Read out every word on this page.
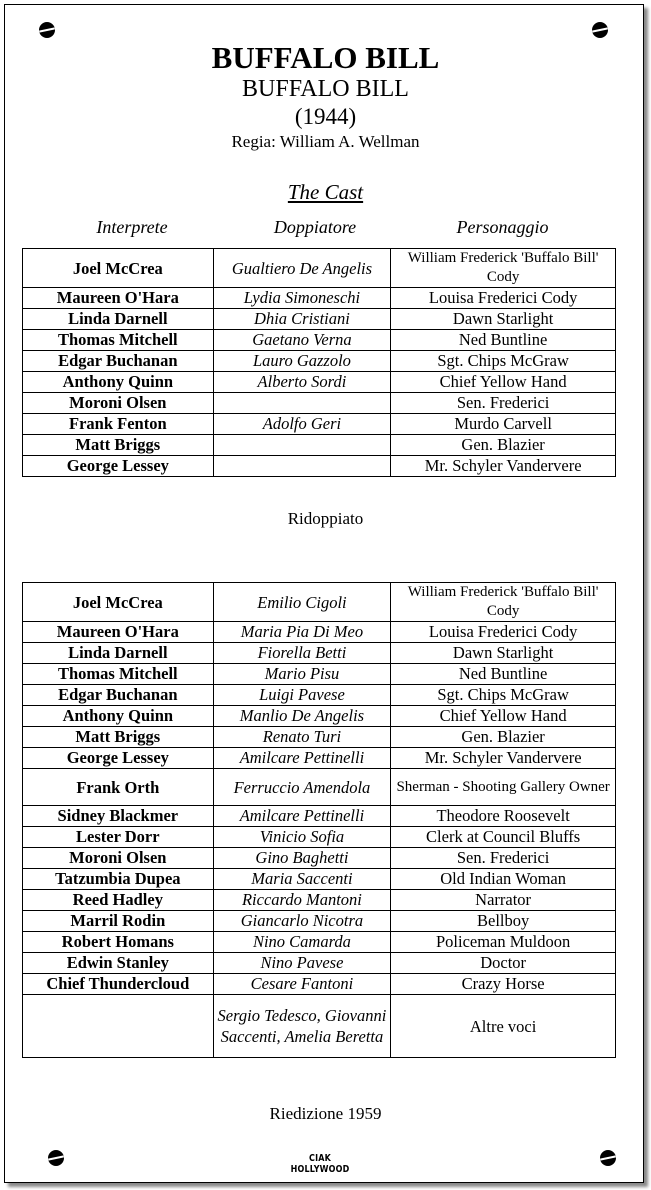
BUFFALO BILL
BUFFALO BILL
(1944)
Regia: William A. Wellman
The Cast
Interprete	Doppiatore	Personaggio
Joel McCrea	Gualtiero De Angelis	William Frederick 'Buffalo Bill' Cody
Maureen O'Hara	Lydia Simoneschi	Louisa Frederici Cody
Linda Darnell	Dhia Cristiani	Dawn Starlight
Thomas Mitchell	Gaetano Verna	Ned Buntline
Edgar Buchanan	Lauro Gazzolo	Sgt. Chips McGraw
Anthony Quinn	Alberto Sordi	Chief Yellow Hand
Moroni Olsen		Sen. Frederici
Frank Fenton	Adolfo Geri	Murdo Carvell
Matt Briggs		Gen. Blazier
George Lessey		Mr. Schyler Vandervere
Ridoppiato
Joel McCrea	Emilio Cigoli	William Frederick 'Buffalo Bill' Cody
Maureen O'Hara	Maria Pia Di Meo	Louisa Frederici Cody
Linda Darnell	Fiorella Betti	Dawn Starlight
Thomas Mitchell	Mario Pisu	Ned Buntline
Edgar Buchanan	Luigi Pavese	Sgt. Chips McGraw
Anthony Quinn	Manlio De Angelis	Chief Yellow Hand
Matt Briggs	Renato Turi	Gen. Blazier
George Lessey	Amilcare Pettinelli	Mr. Schyler Vandervere
Frank Orth	Ferruccio Amendola	Sherman - Shooting Gallery Owner
Sidney Blackmer	Amilcare Pettinelli	Theodore Roosevelt
Lester Dorr	Vinicio Sofia	Clerk at Council Bluffs
Moroni Olsen	Gino Baghetti	Sen. Frederici
Tatzumbia Dupea	Maria Saccenti	Old Indian Woman
Reed Hadley	Riccardo Mantoni	Narrator
Marril Rodin	Giancarlo Nicotra	Bellboy
Robert Homans	Nino Camarda	Policeman Muldoon
Edwin Stanley	Nino Pavese	Doctor
Chief Thundercloud	Cesare Fantoni	Crazy Horse
	Sergio Tedesco, Giovanni Saccenti, Amelia Beretta	Altre voci
Riedizione 1959
CIAK HOLLYWOOD
